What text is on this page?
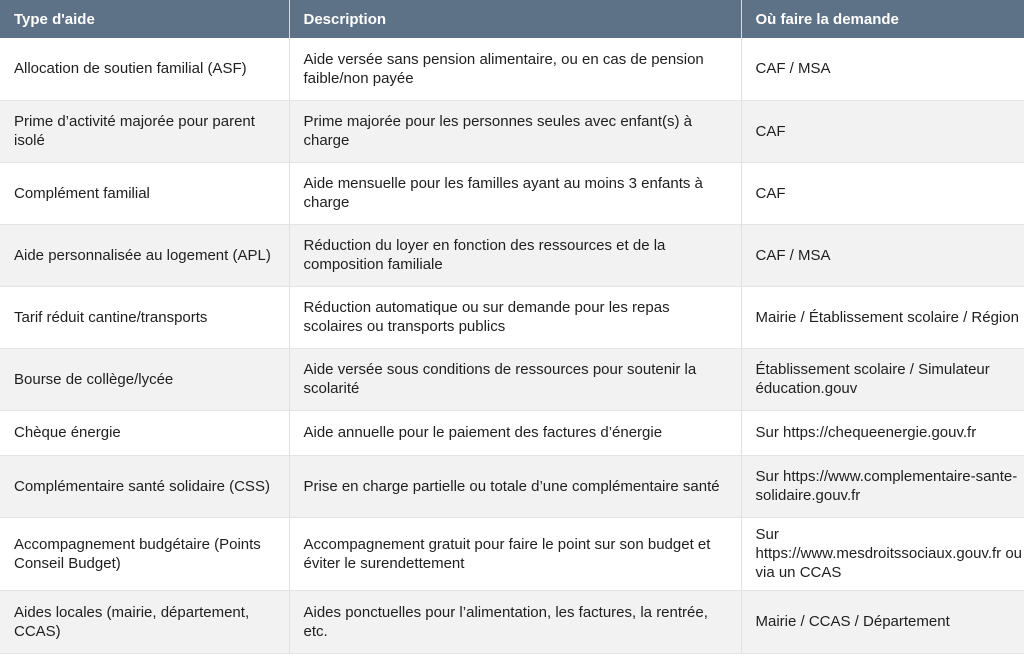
Type d'aide	Description	Où faire la demande
Allocation de soutien familial (ASF)	Aide versée sans pension alimentaire, ou en cas de pension faible/non payée	CAF / MSA
Prime d’activité majorée pour parent isolé	Prime majorée pour les personnes seules avec enfant(s) à charge	CAF
Complément familial	Aide mensuelle pour les familles ayant au moins 3 enfants à charge	CAF
Aide personnalisée au logement (APL)	Réduction du loyer en fonction des ressources et de la composition familiale	CAF / MSA
Tarif réduit cantine/transports	Réduction automatique ou sur demande pour les repas scolaires ou transports publics	Mairie / Établissement scolaire / Région
Bourse de collège/lycée	Aide versée sous conditions de ressources pour soutenir la scolarité	Établissement scolaire / Simulateur éducation.gouv
Chèque énergie	Aide annuelle pour le paiement des factures d’énergie	Sur https://chequeenergie.gouv.fr
Complémentaire santé solidaire (CSS)	Prise en charge partielle ou totale d’une complémentaire santé	Sur https://www.complementaire-sante-solidaire.gouv.fr
Accompagnement budgétaire (Points Conseil Budget)	Accompagnement gratuit pour faire le point sur son budget et éviter le surendettement	Sur https://www.mesdroitssociaux.gouv.fr ou via un CCAS
Aides locales (mairie, département, CCAS)	Aides ponctuelles pour l’alimentation, les factures, la rentrée, etc.	Mairie / CCAS / Département
